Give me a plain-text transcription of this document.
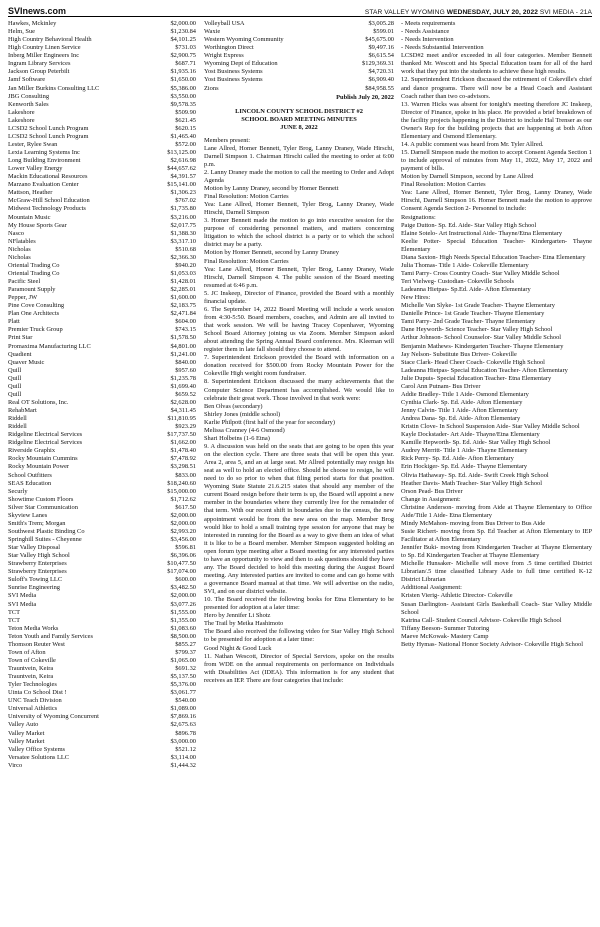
SVInews.com	STAR VALLEY WYOMING WEDNESDAY, JULY 20, 2022 SVI MEDIA - 21A
Hawkes, Mckinley	$2,000.00
Helm, Sue	$1,230.84
High Country Behavioral Health	$4,101.25
High Country Linen Service	$731.03
Inberg Miller Engineers Inc	$2,900.75
Ingram Library Services	$687.71
Jackson Group Peterbilt	$1,935.16
Jamf Software	$1,650.00
Jan Miller Burkins Consulting LLC	$5,386.00
JBG Consulting	$3,550.00
Kenworth Sales	$9,578.35
Lakeshore	$509.90
Lakeshore	$621.45
LCSD2 School Lunch Program	$620.15
LCSD2 School Lunch Program	$1,465.40
Lester, Rylee Swan	$572.00
Lexia Learning Systems Inc	$13,125.00
Long Building Environment	$2,616.98
Lower Valley Energy	$44,657.62
Mackin Educational Resources	$4,391.57
Marzano Evaluation Center	$15,141.00
Mattson, Heather	$1,306.23
McGraw-Hill School Education	$767.02
Midwest Technology Products	$1,735.80
Mountain Music	$3,216.00
My House Sports Gear	$2,017.75
Nasco	$1,388.30
NFlatables	$3,317.10
Nicholas	$510.68
Nicholas	$2,366.30
Oriental Trading Co	$940.20
Oriental Trading Co	$1,053.03
Pacific Steel	$1,428.01
Paramount Supply	$2,285.01
Pepper, JW	$1,600.00
Pine Cove Consulting	$2,183.75
Plan One Architects	$2,471.84
Platt	$604.00
Premier Truck Group	$743.15
Print Star	$1,578.50
Promaxima Manufacturing LLC	$4,801.00
Quadient	$1,241.00
Quaver Music	$840.00
Quill	$957.60
Quill	$1,235.78
Quill	$1,699.40
Quill	$659.52
Real OT Solutions, Inc.	$2,628.00
RehabMart	$4,311.45
Riddell	$11,810.95
Riddell	$923.29
Ridgeline Electrical Services	$17,737.50
Ridgeline Electrical Services	$1,662.00
Riverside Graphix	$1,478.40
Rocky Mountain Cummins	$7,478.92
Rocky Mountain Power	$3,298.51
School Outfitters	$833.00
SEAS Education	$18,240.60
Securly	$15,000.00
Showtime Custom Floors	$1,712.62
Silver Star Communication	$617.50
Skyview Lanes	$2,000.00
Smith's Trem; Morgan	$2,000.00
Southwest Plastic Binding Co	$2,993.20
Springhill Suites - Cheyenne	$3,456.00
Star Valley Disposal	$596.81
Star Valley High School	$6,396.06
Strawberry Enterprises	$10,477.50
Strawberry Enterprises	$17,074.00
Suloff's Towing LLC	$600.00
Sunrise Engineering	$3,482.50
SVI Media	$2,000.00
SVI Media	$3,077.26
TCT	$1,555.00
TCT	$1,355.00
Teton Media Works	$1,083.60
Teton Youth and Family Services	$8,500.00
Thomson Reuter West	$855.27
Town of Afton	$799.37
Town of Cokeville	$1,065.00
Trauntvein, Keira	$691.32
Trauntvein, Keira	$5,137.50
Tyler Technologies	$5,376.00
Uinta Co School Dist !	$3,061.77
UNC Teach Division	$540.00
Universal Athletics	$1,089.00
University of Wyoming Concurrent	$7,869.16
Valley Auto	$2,675.63
Valley Market	$896.78
Valley Market	$3,000.00
Valley Office Systems	$521.12
Versatee Solutions LLC	$3,114.00
Virco	$1,444.32
Volleyball USA	$3,005.28
Waxie	$599.01
Western Wyoming Community	$45,675.00
Worthington Direct	$9,497.16
Wright Express	$6,615.54
Wyoming Dept of Education	$129,369.31
Yost Business Systems	$4,720.31
Yost Business Systems	$6,909.40
Zions	$84,958.55
Publish July 20, 2022
LINCOLN COUNTY SCHOOL DISTRICT #2
SCHOOL BOARD MEETING MINUTES
JUNE 8, 2022

Members present:

Lane Allred, Homer Bennett, Tyler Brog, Lanny Draney, Wade Hirschi, Darnell Simpson 1. Chairman Hirschi called the meeting to order at 6:00 p.m.

2. Lanny Draney made the motion to call the meeting to Order and Adopt Agenda

Motion by Lanny Draney, second by Homer Bennett

Final Resolution: Motion Carries

Yea: Lane Allred, Homer Bennett, Tyler Brog, Lanny Draney, Wade Hirschi, Darnell Simpson

3. Homer Bennett made the motion to go into executive session for the purpose of considering personnel matters, and matters concerning litigation to which the school district is a party or to which the school district may be a party.

Motion by Homer Bennett, second by Lanny Draney

Final Resolution: Motion Carries

Yea: Lane Allred, Homer Bennett, Tyler Brog, Lanny Draney, Wade Hirschi, Darnell Simpson 4. The public session of the Board meeting resumed at 6:46 p.m.

5. JC Inskeep, Director of Finance, provided the Board with a monthly financial update.

6. The September 14, 2022 Board Meeting will include a work session from 4:30-5:50. Board members, coaches, and Admin are all invited to that work session. We will be having Tracey Copenhaver, Wyoming School Board Attorney joining us via Zoom. Member Simpson asked about attending the Spring Annual Board conference. Mrs. Kleeman will register them in late fall should they choose to attend.

7. Superintendent Erickson provided the Board with information on a donation received for $500.00 from Rocky Mountain Power for the Cokeville High weight room fundraiser.

8. Superintendent Erickson discussed the many achievements that the Computer Science Department has accomplished. We would like to celebrate their great work. Those involved in that work were:

Ben Olvas (secondary)

Shirley Jones (middle school)

Karlie Philpott (first half of the year for secondary)

Melissa Cranney (4-6 Osmond)

Shari Holbeins (1-6 Etna)

9. A discussion was held on the seats that are going to be open this year on the election cycle. There are three seats that will be open this year. Area 2, area 5, and an at large seat. Mr Allred potentially may resign his seat as well to hold an elected office. Should he choose to resign, he will need to do so prior to when that filing period starts for that position. Wyoming State Statute 21.6.215 states that should any member of the current Board resign before their term is up, the Board will appoint a new member in the boundaries where they currently live for the remainder of that term. With our recent shift in boundaries due to the census, the new appointment would be from the new area on the map. Member Brog would like to hold a small training type session for anyone that may be interested in running for the Board as a way to give them an idea of what it is like to be a Board member. Member Simpson suggested holding an open forum type meeting after a Board meeting for any interested parties to have an opportunity to view and then to ask questions should they have any. The Board decided to hold this meeting during the August Board meeting. Any interested parties are invited to come and can go home with a governance Board manual at that time. We will advertise on the radio, SVI, and on our district website.

10. The Board received the following books for Etna Elementary to be presented for adoption at a later time:

Hero by Jennifer Li Shotz

The Trail by Meika Hashimoto

The Board also received the following video for Star Valley High School to be presented for adoption at a later time:

Good Night & Good Luck

11. Nathan Wescott, Director of Special Services, spoke on the results from WDE on the annual requirements on performance on Individuals with Disabilities Act (IDEA). This information is for any student that receives an IEP. There are four categories that include:

- Meets requirements

- Needs Assistance

- Needs Intervention

- Needs Substantial Intervention

LCSD#2 meet and/or exceeded in all four categories. Member Bennett thanked Mr. Wescott and his Special Education team for all of the hard work that they put into the students to achieve these high results.

12. Superintendent Erickson discussed the retirement of Cokeville's chief and dance programs. There will now be a Head Coach and Assistant Coach rather than two co-advisors.

13. Warren Hicks was absent for tonight's meeting therefore JC Inskeep, Director of Finance, spoke in his place. He provided a brief breakdown of the facility projects happening in the District to include Hal Trenser as our Owner's Rep for the building projects that are happening at both Afton Elementary and Osmond Elementary.

14. A public comment was heard from Mr. Tyler Allred.

15. Darnell Simpson made the motion to accept Consent Agenda Section 1 to include approval of minutes from May 11, 2022, May 17, 2022 and payment of bills.

Motion by Darnell Simpson, second by Lane Allred

Final Resolution: Motion Carries

Yea: Lane Allred, Homer Bennett, Tyler Brog, Lanny Draney, Wade Hirschi, Darnell Simpson 16. Homer Bennett made the motion to approve Consent Agenda Section 2- Personnel to include:

Resignations:

Paige Dutton- Sp. Ed. Aide- Star Valley High School

Elaine Sotelo- Art Instructional Aide- Thayne/Etna Elementary

Keelie Potter- Special Education Teacher- Kindergarten- Thayne Elementary

Diana Saxton- High Needs Special Education Teacher- Etna Elementary

Julia Thomas- Title 1 Aide- Cokeville Elementary

Tami Parry- Cross Country Coach- Star Valley Middle School

Teri Vielweg- Custodian- Cokeville Schools

Ladeanna Hietpas- Sp.Ed. Aide- Afton Elementary

New Hires:

Michelle Van Slyke- 1st Grade Teacher- Thayne Elementary

Danielle Prince- 1st Grade Teacher- Thayne Elementary

Tami Parry- 2nd Grade Teacher- Thayne Elementary

Dane Heyworth- Science Teacher- Star Valley High School

Arthur Johnson- School Counselor- Star Valley Middle School

Benjamin Mathews- Kindergarten Teacher- Thayne Elementary

Jay Nelson- Substitute Bus Driver- Cokeville

Stace Clark- Head Cheer Coach- Cokeville High School

Ladeanna Hietpas- Special Education Teacher- Afton Elementary

Julie Dupuis- Special Education Teacher- Etna Elementary

Carol Ann Putnam- Bus Driver

Addie Bradley- Title 1 Aide- Osmond Elementary

Cynthia Clark- Sp. Ed. Aide- Afton Elementary

Jenny Calvin- Title 1 Aide- Afton Elementary

Andrea Dana- Sp. Ed. Aide- Afton Elementary

Kristin Clove- In School Suspension Aide- Star Valley Middle School

Kayle Dockstader- Art Aide- Thayne/Etna Elementary

Kamille Hepworth- Sp. Ed. Aide- Star Valley High School

Audrey Merritt- Title 1 Aide- Thayne Elementary

Rick Perry- Sp. Ed. Aide- Afton Elementary

Erin Hockiger- Sp. Ed. Aide- Thayne Elementary

Olivia Hathaway- Sp. Ed. Aide- Swift Creek High School

Heather Davis- Math Teacher- Star Valley High School

Orson Pead- Bus Driver

Change in Assignment:

Christine Anderson- moving from Aide at Thayne Elementary to Office Aide/Title 1 Aide- Etna Elementary

Mindy McMahon- moving from Bus Driver to Bus Aide

Susie Richert- moving from Sp. Ed Teacher at Afton Elementary to IEP Facilitator at Afton Elementary

Jennifer Buki- moving from Kindergarten Teacher at Thayne Elementary to Sp. Ed Kindergarten Teacher at Thayne Elementary

Michelle Hunsaker- Michelle will move from .5 time certified District Librarian/.5 time classified Library Aide to full time certified K-12 District Librarian

Additional Assignment:

Kristen Vierig- Athletic Director- Cokeville

Susan Darlington- Assistant Girls Basketball Coach- Star Valley Middle School

Katrina Call- Student Council Advisor- Cokeville High School

Tiffany Beeson- Summer Tutoring

Maeve McKowak- Mastery Camp

Betty Hymas- National Honor Society Advisor- Cokeville High School
